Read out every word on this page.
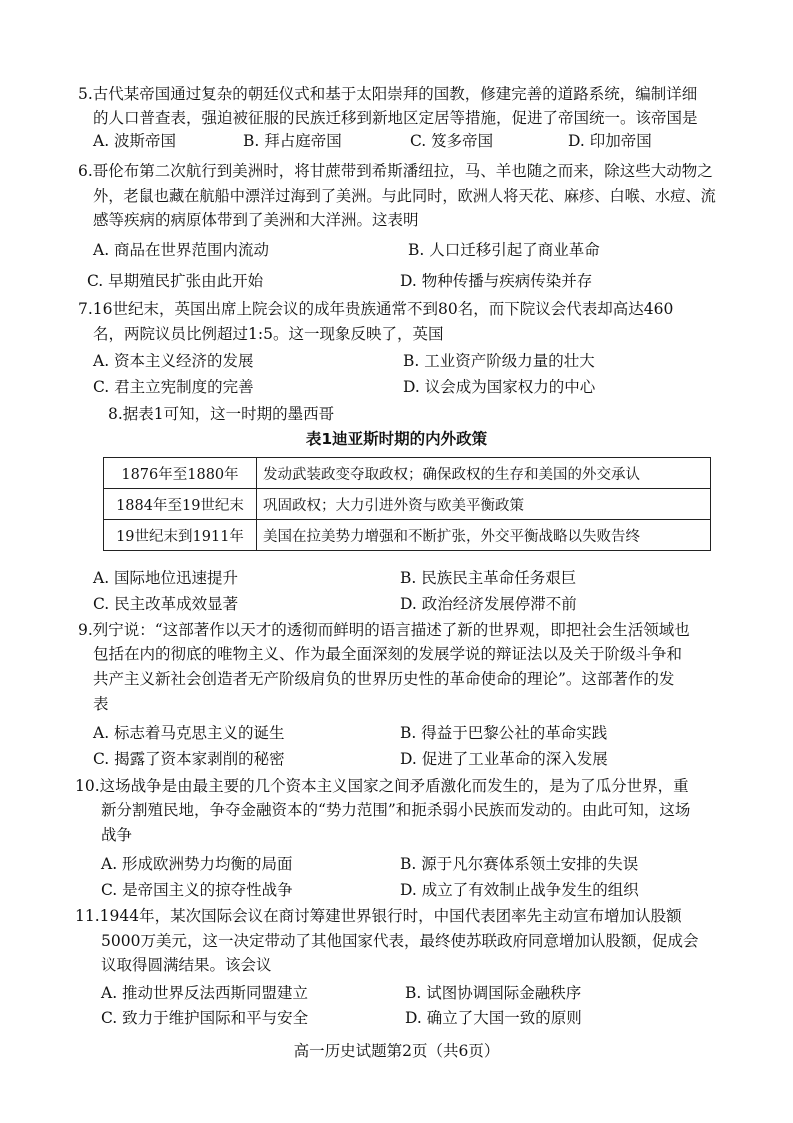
5.古代某帝国通过复杂的朝廷仪式和基于太阳崇拜的国教，修建完善的道路系统，编制详细
的人口普查表，强迫被征服的民族迁移到新地区定居等措施，促进了帝国统一。该帝国是
A. 波斯帝国	B. 拜占庭帝国	C. 笈多帝国	D. 印加帝国
6.哥伦布第二次航行到美洲时，将甘蔗带到希斯潘纽拉，马、羊也随之而来，除这些大动物之
外，老鼠也藏在航船中漂洋过海到了美洲。与此同时，欧洲人将天花、麻疹、白喉、水痘、流
感等疾病的病原体带到了美洲和大洋洲。这表明
A. 商品在世界范围内流动	B. 人口迁移引起了商业革命
C. 早期殖民扩张由此开始	D. 物种传播与疾病传染并存
7.16世纪末，英国出席上院会议的成年贵族通常不到80名，而下院议会代表却高达460
名，两院议员比例超过1:5。这一现象反映了，英国
A. 资本主义经济的发展	B. 工业资产阶级力量的壮大
C. 君主立宪制度的完善	D. 议会成为国家权力的中心
8.据表1可知，这一时期的墨西哥
表1迪亚斯时期的内外政策
1876年至1880年	发动武装政变夺取政权；确保政权的生存和美国的外交承认
1884年至19世纪末	巩固政权；大力引进外资与欧美平衡政策
19世纪末到1911年	美国在拉美势力增强和不断扩张，外交平衡战略以失败告终
A. 国际地位迅速提升	B. 民族民主革命任务艰巨
C. 民主改革成效显著	D. 政治经济发展停滞不前
9.列宁说：“这部著作以天才的透彻而鲜明的语言描述了新的世界观，即把社会生活领域也
包括在内的彻底的唯物主义、作为最全面深刻的发展学说的辩证法以及关于阶级斗争和
共产主义新社会创造者无产阶级肩负的世界历史性的革命使命的理论”。这部著作的发
表
A. 标志着马克思主义的诞生	B. 得益于巴黎公社的革命实践
C. 揭露了资本家剥削的秘密	D. 促进了工业革命的深入发展
10.这场战争是由最主要的几个资本主义国家之间矛盾激化而发生的，是为了瓜分世界，重
新分割殖民地，争夺金融资本的“势力范围”和扼杀弱小民族而发动的。由此可知，这场
战争
A. 形成欧洲势力均衡的局面	B. 源于凡尔赛体系领土安排的失误
C. 是帝国主义的掠夺性战争	D. 成立了有效制止战争发生的组织
11.1944年，某次国际会议在商讨筹建世界银行时，中国代表团率先主动宣布增加认股额
5000万美元，这一决定带动了其他国家代表，最终使苏联政府同意增加认股额，促成会
议取得圆满结果。该会议
A. 推动世界反法西斯同盟建立	B. 试图协调国际金融秩序
C. 致力于维护国际和平与安全	D. 确立了大国一致的原则
高一历史试题第2页（共6页）
